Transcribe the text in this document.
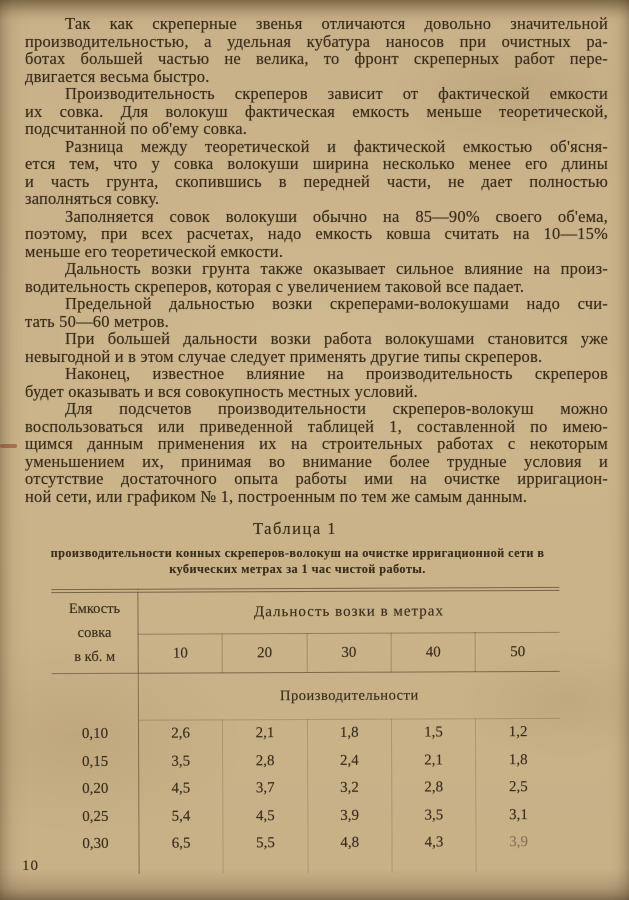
Так как скреперные звенья отличаются довольно значительной
производительностью, а удельная кубатура наносов при очистных ра-
ботах большей частью не велика, то фронт скреперных работ пере-
двигается весьма быстро.

Производительность скреперов зависит от фактической емкости
их совка. Для волокуш фактическая емкость меньше теоретической,
подсчитанной по об'ему совка.

Разница между теоретической и фактической емкостью об'ясня-
ется тем, что у совка волокуши ширина несколько менее его длины
и часть грунта, скопившись в передней части, не дает полностью
заполняться совку.

Заполняется совок волокуши обычно на 85—90% своего об'ема,
поэтому, при всех расчетах, надо емкость ковша считать на 10—15%
меньше его теоретической емкости.

Дальность возки грунта также оказывает сильное влияние на произ-
водительность скреперов, которая с увеличением таковой все падает.

Предельной дальностью возки скреперами-волокушами надо счи-
тать 50—60 метров.

При большей дальности возки работа волокушами становится уже
невыгодной и в этом случае следует применять другие типы скреперов.

Наконец, известное влияние на производительность скреперов
будет оказывать и вся совокупность местных условий.

Для подсчетов производительности скреперов-волокуш можно
воспользоваться или приведенной таблицей 1, составленной по имею-
щимся данным применения их на строительных работах с некоторым
уменьшением их, принимая во внимание более трудные условия и
отсутствие достаточного опыта работы ими на очистке ирригацион-
ной сети, или графиком № 1, построенным по тем же самым данным.

Таблица 1
производительности конных скреперов-волокуш на очистке ирригационной сети в
кубических метрах за 1 час чистой работы.
Емкость
совка
в кб. м	Дальность возки в метрах				
	10	20	30	40	50
	Производительности				
0,10	2,6	2,1	1,8	1,5	1,2
0,15	3,5	2,8	2,4	2,1	1,8
0,20	4,5	3,7	3,2	2,8	2,5
0,25	5,4	4,5	3,9	3,5	3,1
0,30	6,5	5,5	4,8	4,3	3,9

10
